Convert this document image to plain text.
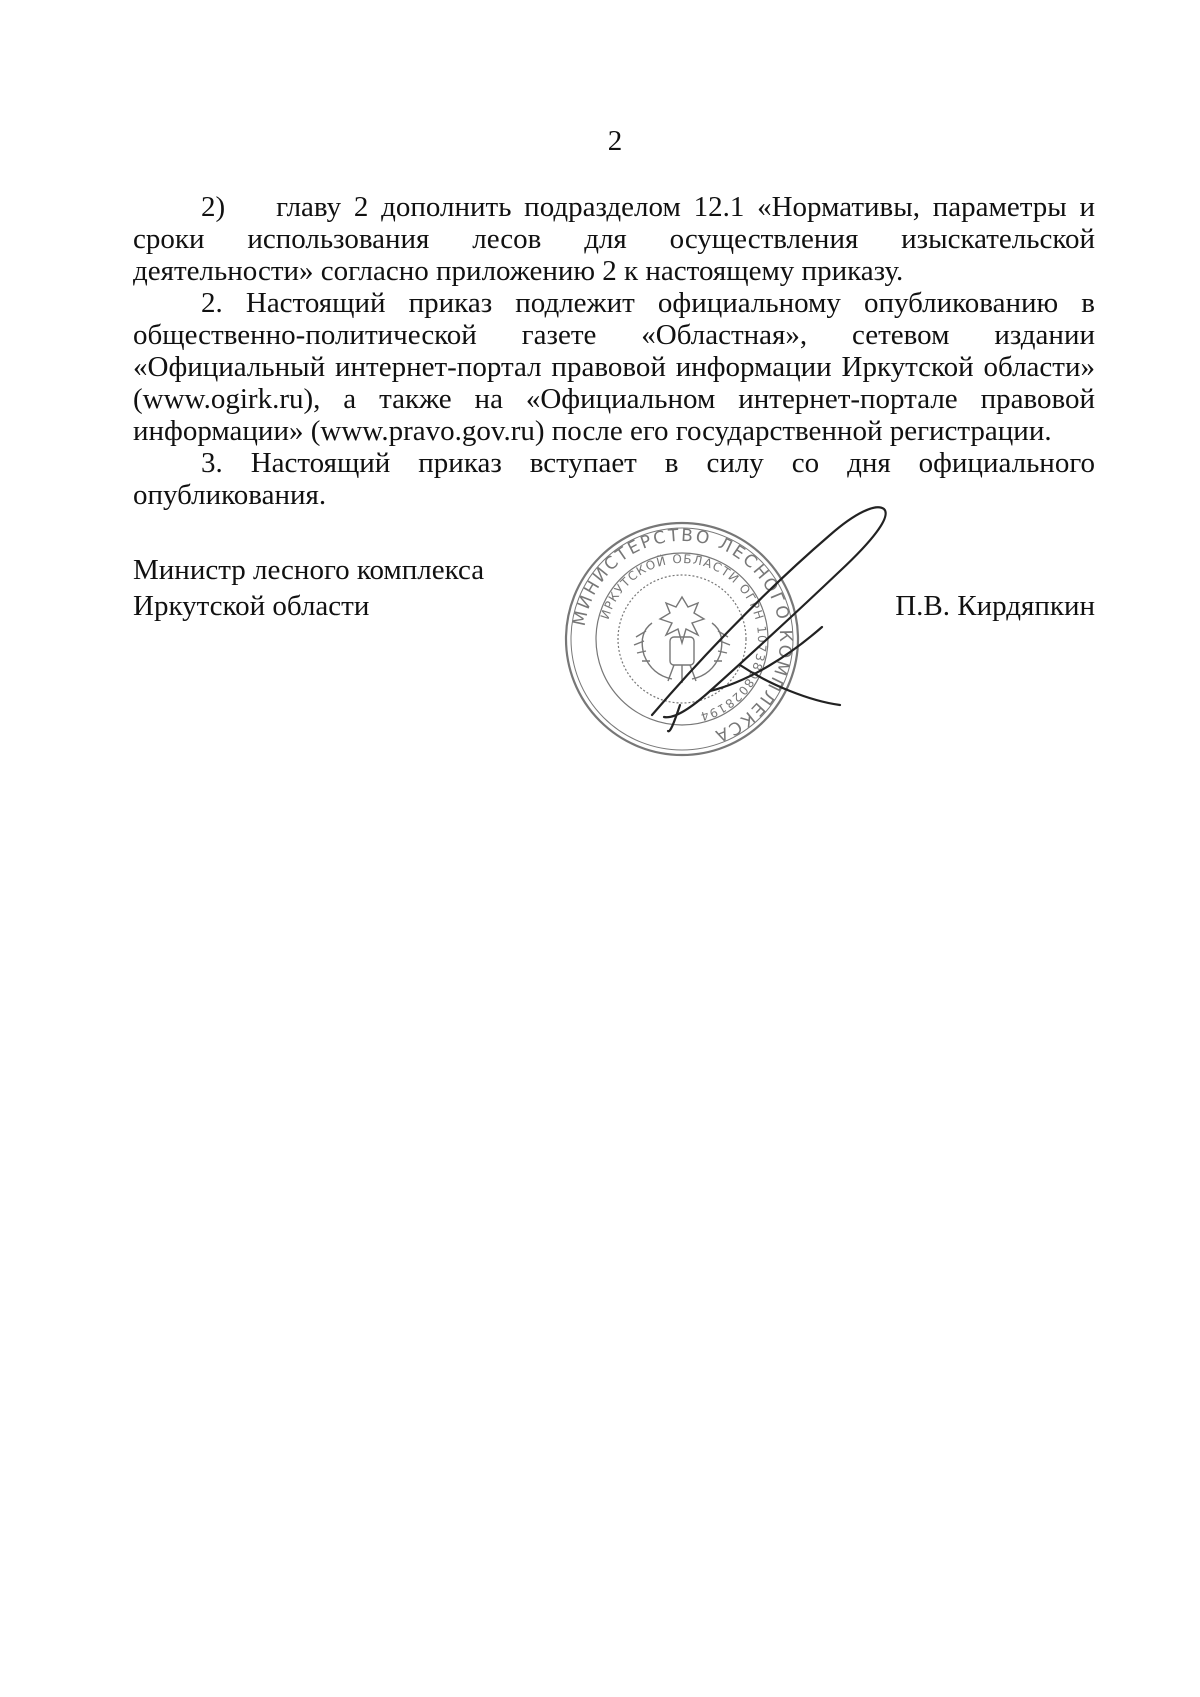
2

2)    главу 2 дополнить подразделом 12.1 «Нормативы, параметры и сроки использования лесов для осуществления изыскательской деятельности» согласно приложению 2 к настоящему приказу.

2. Настоящий приказ подлежит официальному опубликованию в общественно-политической газете «Областная», сетевом издании «Официальный интернет-портал правовой информации Иркутской области» (www.ogirk.ru), а также на «Официальном интернет-портале правовой информации» (www.pravo.gov.ru) после его государственной регистрации.

3. Настоящий приказ вступает в силу со дня официального опубликования.

Министр лесного комплекса
Иркутской области	П.В. Кирдяпкин
МИНИСТЕРСТВО ЛЕСНОГО КОМПЛЕКСА
ИРКУТСКОЙ ОБЛАСТИ ОГРН 1073808028194
